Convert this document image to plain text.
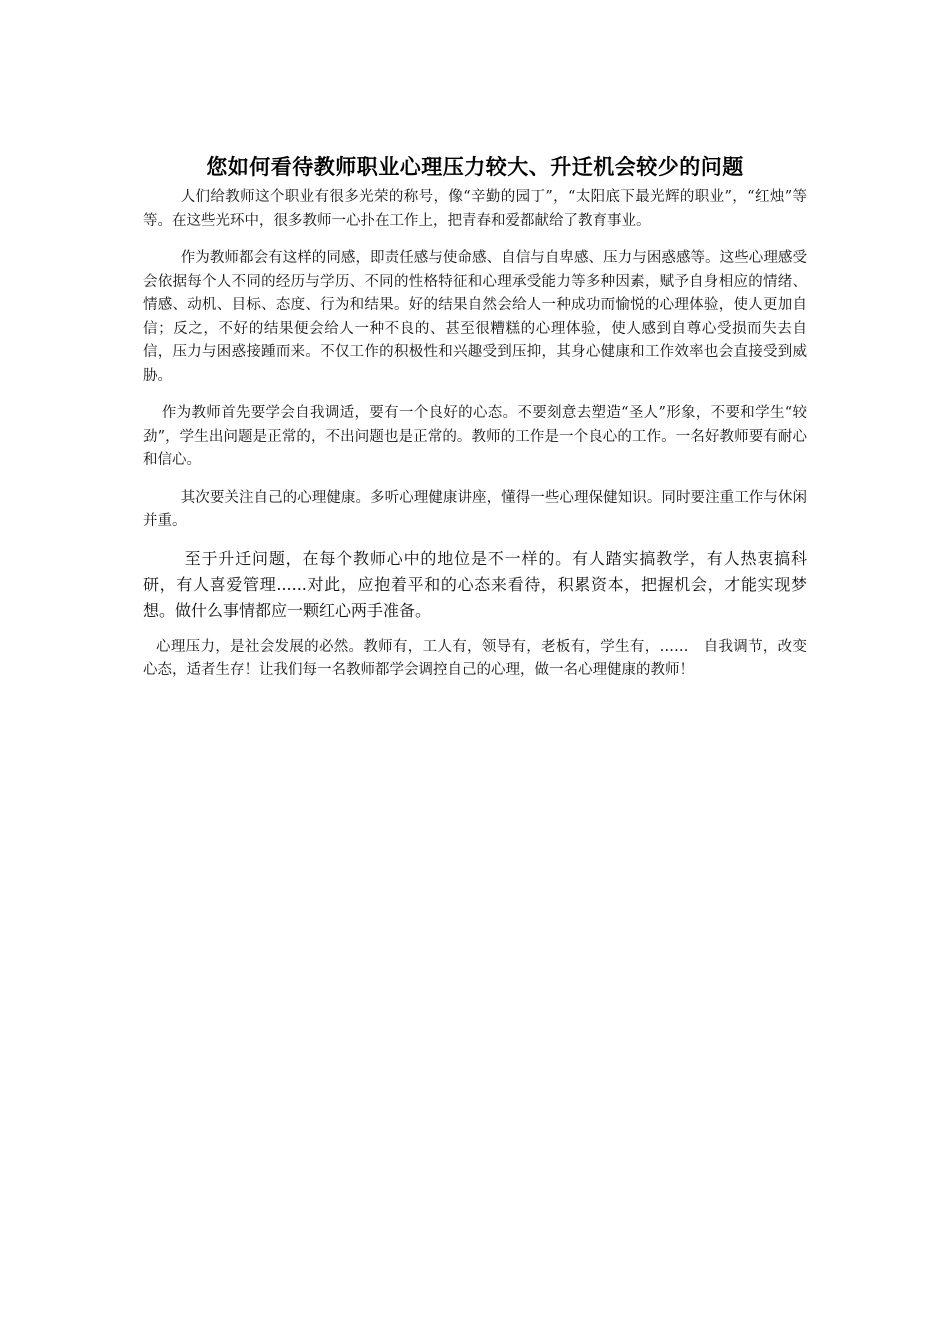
您如何看待教师职业心理压力较大、升迁机会较少的问题

人们给教师这个职业有很多光荣的称号，像“辛勤的园丁”，“太阳底下最光辉的职业”，“红烛”等等。在这些光环中，很多教师一心扑在工作上，把青春和爱都献给了教育事业。

作为教师都会有这样的同感，即责任感与使命感、自信与自卑感、压力与困惑感等。这些心理感受会依据每个人不同的经历与学历、不同的性格特征和心理承受能力等多种因素，赋予自身相应的情绪、情感、动机、目标、态度、行为和结果。好的结果自然会给人一种成功而愉悦的心理体验，使人更加自信；反之，不好的结果便会给人一种不良的、甚至很糟糕的心理体验，使人感到自尊心受损而失去自信，压力与困惑接踵而来。不仅工作的积极性和兴趣受到压抑，其身心健康和工作效率也会直接受到威胁。

作为教师首先要学会自我调适，要有一个良好的心态。不要刻意去塑造“圣人”形象，不要和学生“较劲”，学生出问题是正常的，不出问题也是正常的。教师的工作是一个良心的工作。一名好教师要有耐心和信心。

其次要关注自己的心理健康。多听心理健康讲座，懂得一些心理保健知识。同时要注重工作与休闲并重。

至于升迁问题，在每个教师心中的地位是不一样的。有人踏实搞教学，有人热衷搞科研，有人喜爱管理......对此，应抱着平和的心态来看待，积累资本，把握机会，才能实现梦想。做什么事情都应一颗红心两手准备。

心理压力，是社会发展的必然。教师有，工人有，领导有，老板有，学生有，……　自我调节，改变心态，适者生存！让我们每一名教师都学会调控自己的心理，做一名心理健康的教师！
